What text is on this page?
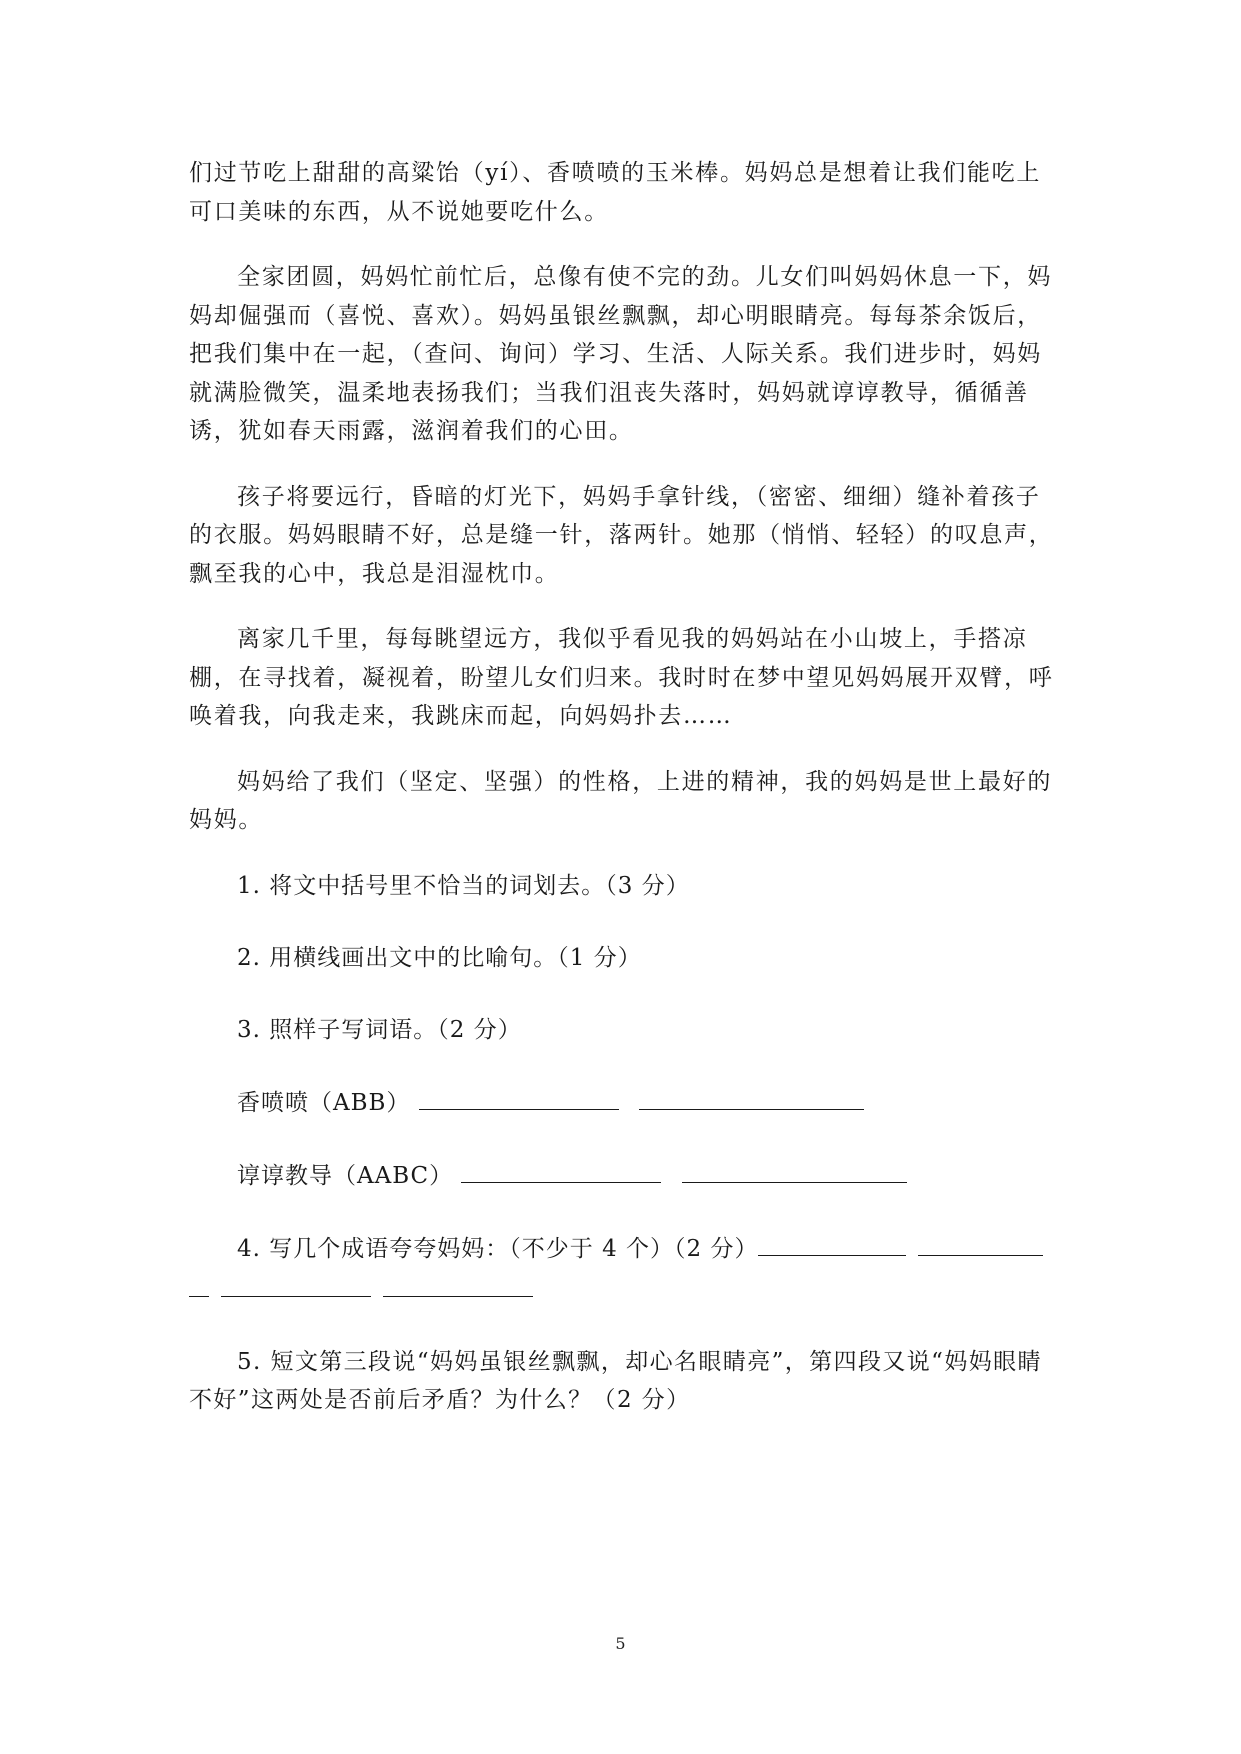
们过节吃上甜甜的高粱饴（yí）、香喷喷的玉米棒。妈妈总是想着让我们能吃上可口美味的东西，从不说她要吃什么。

全家团圆，妈妈忙前忙后，总像有使不完的劲。儿女们叫妈妈休息一下，妈妈却倔强而（喜悦、喜欢）。妈妈虽银丝飘飘，却心明眼睛亮。每每茶余饭后，把我们集中在一起，（查问、询问）学习、生活、人际关系。我们进步时，妈妈就满脸微笑，温柔地表扬我们；当我们沮丧失落时，妈妈就谆谆教导，循循善诱，犹如春天雨露，滋润着我们的心田。

孩子将要远行，昏暗的灯光下，妈妈手拿针线，（密密、细细）缝补着孩子的衣服。妈妈眼睛不好，总是缝一针，落两针。她那（悄悄、轻轻）的叹息声，飘至我的心中，我总是泪湿枕巾。

离家几千里，每每眺望远方，我似乎看见我的妈妈站在小山坡上，手搭凉棚，在寻找着，凝视着，盼望儿女们归来。我时时在梦中望见妈妈展开双臂，呼唤着我，向我走来，我跳床而起，向妈妈扑去……

妈妈给了我们（坚定、坚强）的性格，上进的精神，我的妈妈是世上最好的妈妈。

1. 将文中括号里不恰当的词划去。（3 分）

2. 用横线画出文中的比喻句。（1 分）

3. 照样子写词语。（2 分）

香喷喷（ABB）

谆谆教导（AABC）

4. 写几个成语夸夸妈妈：（不少于 4 个）（2 分）

5. 短文第三段说“妈妈虽银丝飘飘，却心名眼睛亮”，第四段又说“妈妈眼睛不好”这两处是否前后矛盾？为什么？（2 分）

5
